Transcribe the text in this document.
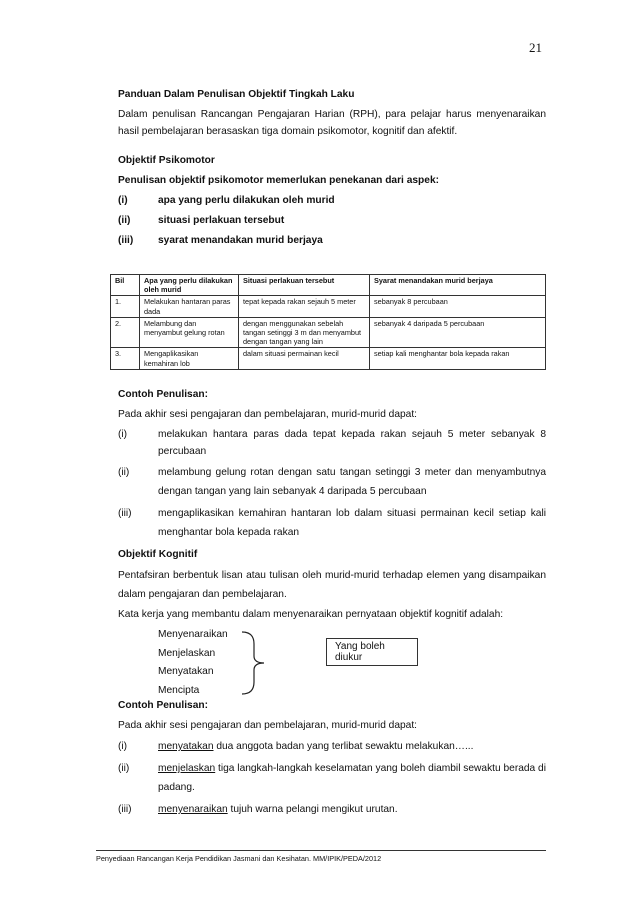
21
Panduan Dalam Penulisan Objektif Tingkah Laku
Dalam penulisan Rancangan Pengajaran Harian (RPH), para pelajar harus menyenaraikan hasil pembelajaran berasaskan tiga domain psikomotor, kognitif dan afektif.
Objektif Psikomotor
Penulisan objektif psikomotor memerlukan penekanan dari aspek:
(i)	apa yang perlu dilakukan oleh murid
(ii)	situasi perlakuan tersebut
(iii)	syarat menandakan murid berjaya
Bil	Apa yang perlu dilakukan oleh murid	Situasi perlakuan tersebut	Syarat menandakan murid berjaya
1.	Melakukan hantaran paras dada	tepat kepada rakan sejauh 5 meter	sebanyak 8 percubaan
2.	Melambung dan menyambut gelung rotan	dengan menggunakan sebelah tangan setinggi 3 m dan menyambut dengan tangan yang lain	sebanyak 4 daripada 5 percubaan
3.	Mengaplikasikan kemahiran lob	dalam situasi permainan kecil	setiap kali menghantar bola kepada rakan
Contoh Penulisan:
Pada akhir sesi pengajaran dan pembelajaran, murid-murid dapat:
(i)	melakukan hantara paras dada tepat kepada rakan sejauh 5 meter sebanyak 8 percubaan
(ii)	melambung gelung rotan dengan satu tangan setinggi 3 meter dan menyambutnya dengan tangan yang lain sebanyak 4 daripada 5 percubaan
(iii)	mengaplikasikan kemahiran hantaran lob dalam situasi permainan kecil setiap kali menghantar bola kepada rakan
Objektif Kognitif
Pentafsiran berbentuk lisan atau tulisan oleh murid-murid terhadap elemen yang disampaikan dalam pengajaran dan pembelajaran.
Kata kerja yang membantu dalam menyenaraikan pernyataan objektif kognitif adalah:
Menyenaraikan
Menjelaskan
Menyatakan
Mencipta
Yang boleh diukur
Contoh Penulisan:
Pada akhir sesi pengajaran dan pembelajaran, murid-murid dapat:
(i)	menyatakan dua anggota badan yang terlibat sewaktu melakukan…...
(ii)	menjelaskan tiga langkah-langkah keselamatan yang boleh diambil sewaktu berada di padang.
(iii)	menyenaraikan tujuh warna pelangi mengikut urutan.
Penyediaan Rancangan Kerja Pendidikan Jasmani dan Kesihatan. MM/IPIK/PEDA/2012
